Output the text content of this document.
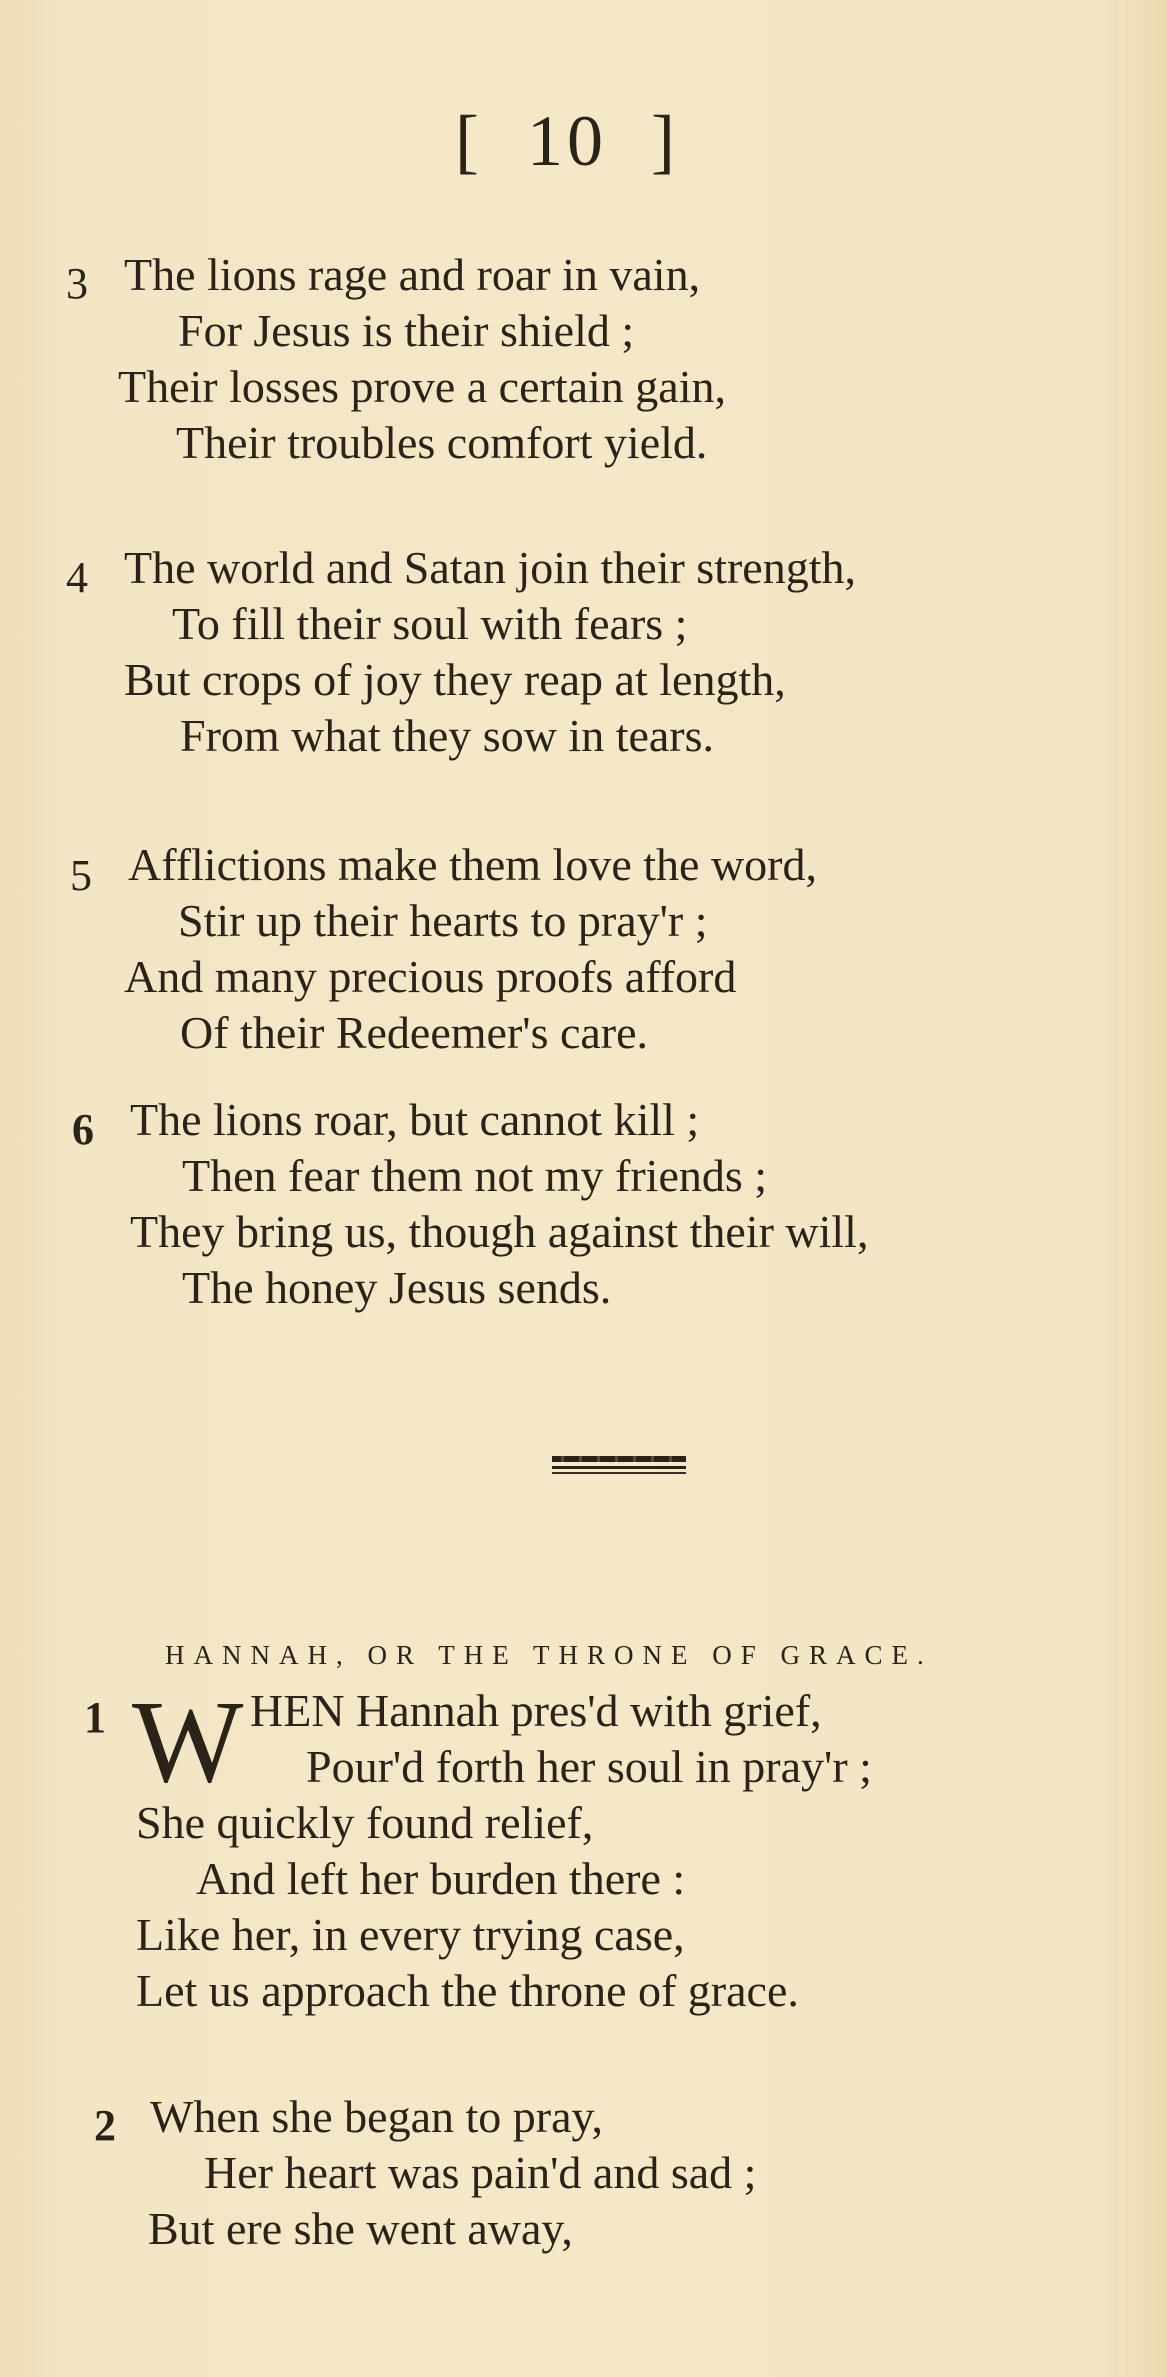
[ 10 ]
3 The lions rage and roar in vain,
For Jesus is their shield ;
Their losses prove a certain gain,
Their troubles comfort yield.
4 The world and Satan join their strength,
To fill their soul with fears ;
But crops of joy they reap at length,
From what they sow in tears.
5 Afflictions make them love the word,
Stir up their hearts to pray'r ;
And many precious proofs afford
Of their Redeemer's care.
6 The lions roar, but cannot kill ;
Then fear them not my friends ;
They bring us, though against their will,
The honey Jesus sends.
HANNAH, OR THE THRONE OF GRACE.
1 W HEN Hannah pres'd with grief,
Pour'd forth her soul in pray'r ;
She quickly found relief,
And left her burden there :
Like her, in every trying case,
Let us approach the throne of grace.
2 When she began to pray,
Her heart was pain'd and sad ;
But ere she went away,
